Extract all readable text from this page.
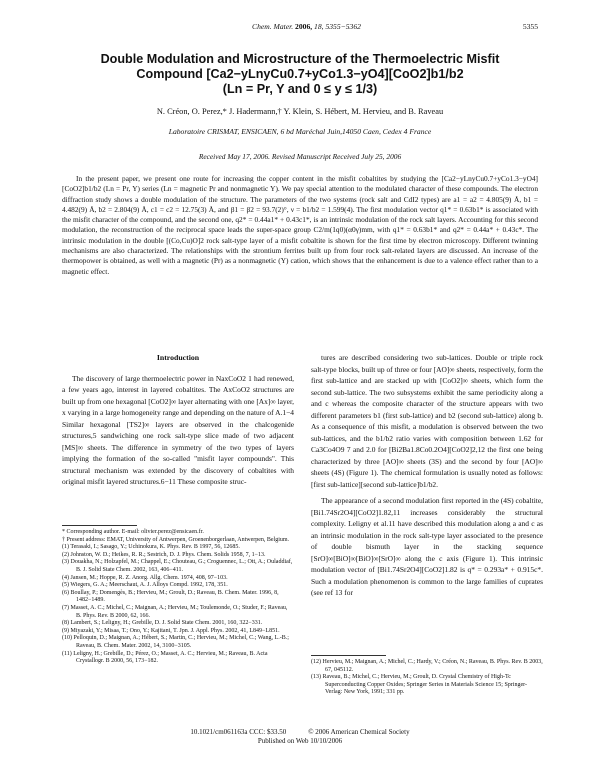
Chem. Mater. 2006, 18, 5355−5362	5355
Double Modulation and Microstructure of the Thermoelectric Misfit
Compound [Ca2−yLnyCu0.7+yCo1.3−yO4][CoO2]b1/b2
(Ln = Pr, Y and 0 ≤ y ≤ 1/3)

N. Créon, O. Perez,* J. Hadermann,† Y. Klein, S. Hébert, M. Hervieu, and B. Raveau

Laboratoire CRISMAT, ENSICAEN, 6 bd Maréchal Juin,14050 Caen, Cedex 4 France

Received May 17, 2006. Revised Manuscript Received July 25, 2006

In the present paper, we present one route for increasing the copper content in the misfit cobaltites by studying the [Ca2−yLnyCu0.7+yCo1.3−yO4][CoO2]b1/b2 (Ln = Pr, Y) series (Ln = magnetic Pr and nonmagnetic Y). We pay special attention to the modulated character of these compounds. The electron diffraction study shows a double modulation of the structure. The parameters of the two systems (rock salt and CdI2 types) are a1 = a2 = 4.805(9) Å, b1 = 4.482(9) Å, b2 = 2.804(9) Å, c1 = c2 = 12.75(3) Å, and β1 = β2 = 93.7(2)°, ν = b1/b2 = 1.599(4). The first modulation vector q1* = 0.63b1* is associated with the misfit character of the compound, and the second one, q2* = 0.44a1* + 0.43c1*, is an intrinsic modulation of the rock salt layers. Accounting for this second modulation, the reconstruction of the reciprocal space leads the super-space group C2/m(1q0)(α0γ)mm, with q1* = 0.63b1* and q2* = 0.44a* + 0.43c*. The intrinsic modulation in the double [(Co,Cu)O]2 rock salt-type layer of a misfit cobaltite is shown for the first time by electron microscopy. Different twinning mechanisms are also characterized. The relationships with the strontium ferrites built up from four rock salt-related layers are discussed. An increase of the thermopower is obtained, as well with a magnetic (Pr) as a nonmagnetic (Y) cation, which shows that the enhancement is due to a valence effect rather than to a magnetic effect.

Introduction

The discovery of large thermoelectric power in NaxCoO2 1 had renewed, a few years ago, interest in layered cobaltites. The AxCoO2 structures are built up from one hexagonal [CoO2]∞ layer alternating with one [Ax]∞ layer, x varying in a large homogeneity range and depending on the nature of A.1−4 Similar hexagonal [TS2]∞ layers are observed in the chalcogenide structures,5 sandwiching one rock salt-type slice made of two adjacent [MS]∞ sheets. The difference in symmetry of the two types of layers implying the formation of the so-called "misfit layer compounds". This structural mechanism was extended by the discovery of cobaltites with original misfit layered structures.6−11 These composite struc-

tures are described considering two sub-lattices. Double or triple rock salt-type blocks, built up of three or four [AO]∞ sheets, respectively, form the first sub-lattice and are stacked up with [CoO2]∞ sheets, which form the second sub-lattice. The two subsystems exhibit the same periodicity along a and c whereas the composite character of the structure appears with two different parameters b1 (first sub-lattice) and b2 (second sub-lattice) along b. As a consequence of this misfit, a modulation is observed between the two sub-lattices, and the b1/b2 ratio varies with composition between 1.62 for Ca3Co4O9 7 and 2.0 for [Bi2Ba1.8Co0.2O4][CoO2]2,12 the first one being characterized by three [AO]∞ sheets (3S) and the second by four [AO]∞ sheets (4S) (Figure 1). The chemical formulation is usually noted as follows: [first sub-lattice][second sub-lattice]b1/b2.

The appearance of a second modulation first reported in the (4S) cobaltite, [Bi1.74Sr2O4][CoO2]1.82,11 increases considerably the structural complexity. Leligny et al.11 have described this modulation along a and c as an intrinsic modulation in the rock salt-type layer associated to the presence of double bismuth layer in the stacking sequence [SrO]∞[BiO]∞[BiO]∞[SrO]∞ along the c axis (Figure 1). This intrinsic modulation vector of [Bi1.74Sr2O4][CoO2]1.82 is q* = 0.293a* + 0.915c*. Such a modulation phenomenon is common to the large families of cuprates (see ref 13 for

* Corresponding author. E-mail: olivier.perez@ensicaen.fr.

† Present address: EMAT, University of Antwerpen, Groenenborgerlaan, Antwerpen, Belgium.

(1) Terasaki, I.; Sasago, Y.; Uchinokura, K. Phys. Rev. B 1997, 56, 12685.

(2) Johnston, W. D.; Heikes, R. R.; Sestrich, D. J. Phys. Chem. Solids 1958, 7, 1−13.

(3) Douakha, N.; Holzapfel, M.; Chappel, E.; Chouteau, G.; Croguennec, L.; Ott, A.; Ouladdiaf, B. J. Solid State Chem. 2002, 163, 406−411.

(4) Jansen, M.; Hoppe, R. Z. Anorg. Allg. Chem. 1974, 408, 97−103.

(5) Wiegers, G. A.; Meerschaut, A. J. Alloys Compd. 1992, 178, 351.

(6) Boullay, P.; Domengès, B.; Hervieu, M.; Groult, D.; Raveau, B. Chem. Mater. 1996, 8, 1482−1489.

(7) Masset, A. C.; Michel, C.; Maignan, A.; Hervieu, M.; Toulemonde, O.; Studer, F.; Raveau, B. Phys. Rev. B 2000, 62, 166.

(8) Lambert, S.; Leligny, H.; Grebille, D. J. Solid State Chem. 2001, 160, 322−331.

(9) Miyazaki, Y.; Misaa, T.; Ono, Y.; Kajitani, T. Jpn. J. Appl. Phys. 2002, 41, L849−L851.

(10) Pelloquin, D.; Maignan, A.; Hébert, S.; Martin, C.; Hervieu, M.; Michel, C.; Wang, L.-B.; Raveau, B. Chem. Mater. 2002, 14, 3100−3105.

(11) Leligny, H.; Grebille, D.; Pérez, O.; Masset, A. C.; Hervieu, M.; Raveau, B. Acta Crystallogr. B 2000, 56, 173−182.	(12) Hervieu, M.; Maignan, A.; Michel, C.; Hardy, V.; Créon, N.; Raveau, B. Phys. Rev. B 2003, 67, 045112.

(13) Raveau, B.; Michel, C.; Hervieu, M.; Groult, D. Crystal Chemistry of High-Tc Superconducting Copper Oxides; Springer Series in Materials Science 15; Springer-Verlag: New York, 1991; 331 pp.

10.1021/cm061163a CCC: $33.50	© 2006 American Chemical Society

Published on Web 10/10/2006
